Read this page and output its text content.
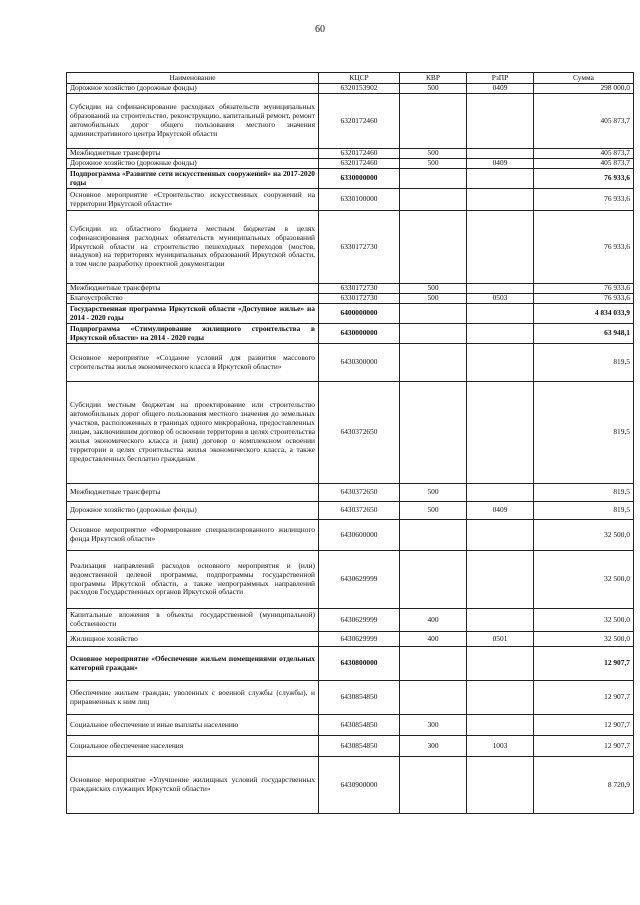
60
Наименование	КЦСР	КВР	РзПР	Сумма
Дорожное хозяйство (дорожные фонды)	6320153902	500	0409	298 000,0
Субсидии на софинансирование расходных обязательств муниципальных образований на строительство, реконструкцию, капитальный ремонт, ремонт автомобильных дорог общего пользования местного значения административного центра Иркутской области	6320172460			405 873,7
Межбюджетные трансферты	6320172460	500		405 873,7
Дорожное хозяйство (дорожные фонды)	6320172460	500	0409	405 873,7
Подпрограмма «Развитие сети искусственных сооружений» на 2017-2020 годы	6330000000			76 933,6
Основное мероприятие «Строительство искусственных сооружений на территории Иркутской области»	6330100000			76 933,6
Субсидии из областного бюджета местным бюджетам в целях софинансирования расходных обязательств муниципальных образований Иркутской области на строительство пешеходных переходов (мостов, виадуков) на территориях муниципальных образований Иркутской области, в том числе разработку проектной документации	6330172730			76 933,6
Межбюджетные трансферты	6330172730	500		76 933,6
Благоустройство	6330172730	500	0503	76 933,6
Государственная программа Иркутской области «Доступное жилье» на 2014 - 2020 годы	6400000000			4 834 033,9
Подпрограмма «Стимулирование жилищного строительства в Иркутской области» на 2014 - 2020 годы	6430000000			63 948,1
Основное мероприятие «Создание условий для развития массового строительства жилья экономического класса в Иркутской области»	6430300000			819,5
Субсидии местным бюджетам на проектирование или строительство автомобильных дорог общего пользования местного значения до земельных участков, расположенных в границах одного микрорайона, предоставленных лицам, заключившим договор об освоении территории в целях строительства жилья экономического класса и (или) договор о комплексном освоении территории в целях строительства жилья экономического класса, а также предоставленных бесплатно гражданам	6430372650			819,5
Межбюджетные трансферты	6430372650	500		819,5
Дорожное хозяйство (дорожные фонды)	6430372650	500	0409	819,5
Основное мероприятие «Формирование специализированного жилищного фонда Иркутской области»	6430600000			32 500,0
Реализация направлений расходов основного мероприятия и (или) ведомственной целевой программы, подпрограммы государственной программы Иркутской области, а также непрограммных направлений расходов Государственных органов Иркутской области	6430629999			32 500,0
Капитальные вложения в объекты государственной (муниципальной) собственности	6430629999	400		32 500,0
Жилищное хозяйство	6430629999	400	0501	32 500,0
Основное мероприятие «Обеспечение жильем помещениями отдельных категорий граждан»	6430800000			12 907,7
Обеспечение жильем граждан, уволенных с военной службы (службы), и приравненных к ним лиц	6430854850			12 907,7
Социальное обеспечение и иные выплаты населению	6430854850	300		12 907,7
Социальное обеспечение населения	6430854850	300	1003	12 907,7
Основное мероприятие «Улучшение жилищных условий государственных гражданских служащих Иркутской области»	6430900000			8 720,9
